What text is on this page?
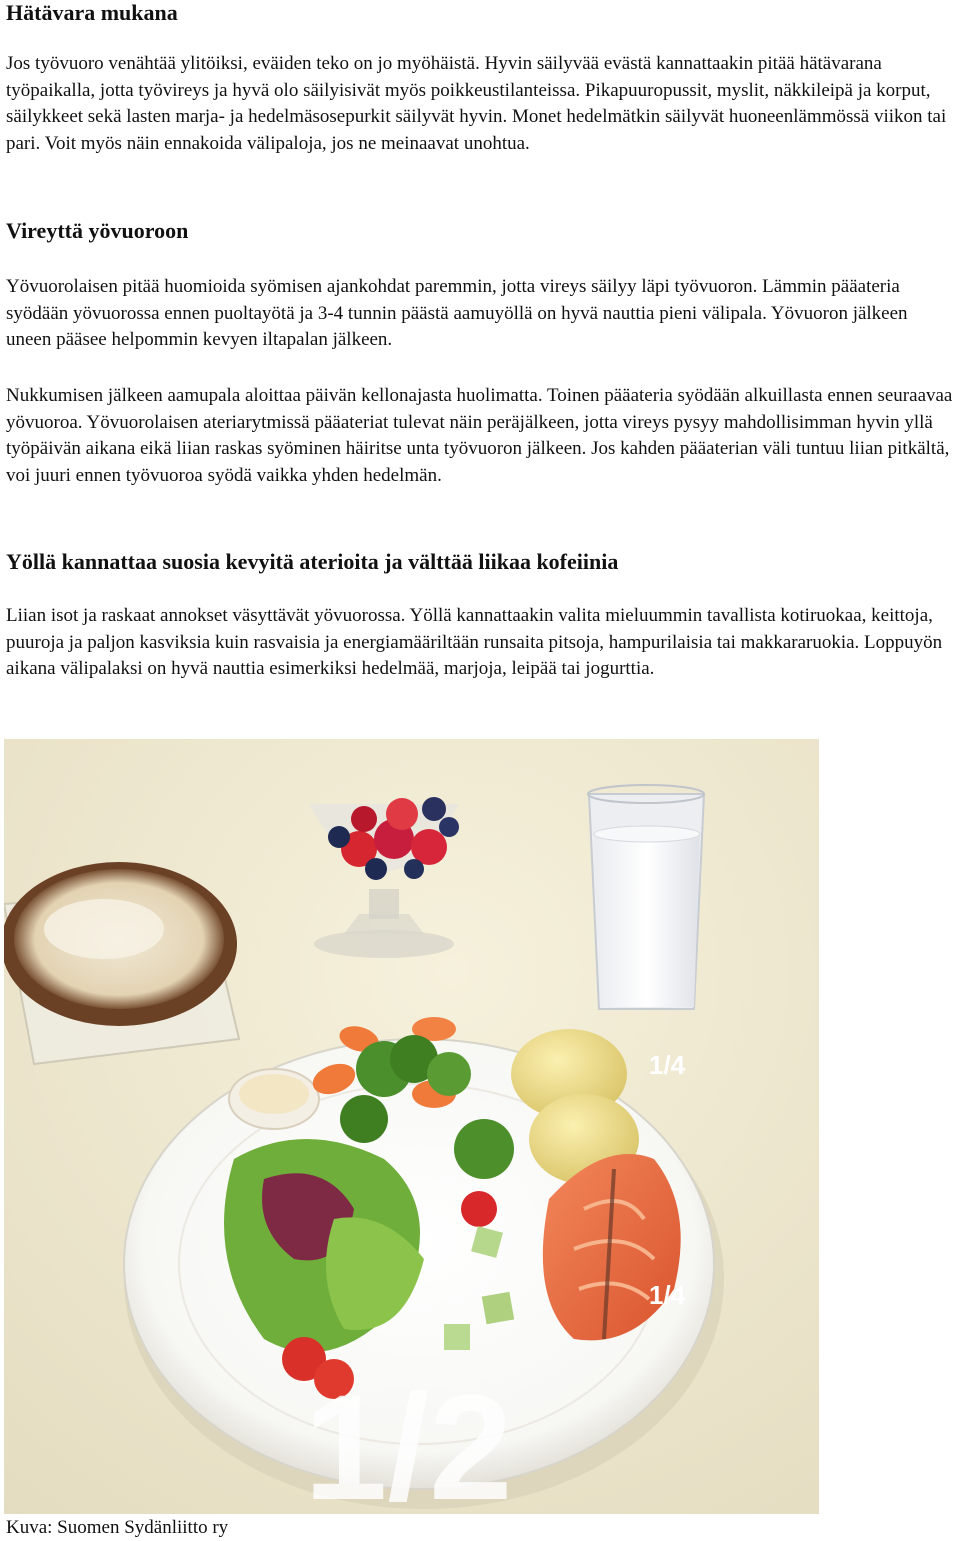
Hätävara mukana

Jos työvuoro venähtää ylitöiksi, eväiden teko on jo myöhäistä. Hyvin säilyvää evästä kannattaakin pitää hätävarana työpaikalla, jotta työvireys ja hyvä olo säilyisivät myös poikkeustilanteissa. Pikapuuropussit, myslit, näkkileipä ja korput, säilykkeet sekä lasten marja- ja hedelmäsosepurkit säilyvät hyvin. Monet hedelmätkin säilyvät huoneenlämmössä viikon tai pari. Voit myös näin ennakoida välipaloja, jos ne meinaavat unohtua.

Vireyttä yövuoroon

Yövuorolaisen pitää huomioida syömisen ajankohdat paremmin, jotta vireys säilyy läpi työvuoron. Lämmin pääateria syödään yövuorossa ennen puoltayötä ja 3-4 tunnin päästä aamuyöllä on hyvä nauttia pieni välipala. Yövuoron jälkeen uneen pääsee helpommin kevyen iltapalan jälkeen.

Nukkumisen jälkeen aamupala aloittaa päivän kellonajasta huolimatta. Toinen pääateria syödään alkuillasta ennen seuraavaa yövuoroa. Yövuorolaisen ateriarytmissä pääateriat tulevat näin peräjälkeen, jotta vireys pysyy mahdollisimman hyvin yllä työpäivän aikana eikä liian raskas syöminen häiritse unta työvuoron jälkeen. Jos kahden pääaterian väli tuntuu liian pitkältä, voi juuri ennen työvuoroa syödä vaikka yhden hedelmän.

Yöllä kannattaa suosia kevyitä aterioita ja välttää liikaa kofeiinia

Liian isot ja raskaat annokset väsyttävät yövuorossa. Yöllä kannattaakin valita mieluummin tavallista kotiruokaa, keittoja, puuroja ja paljon kasviksia kuin rasvaisia ja energiamääriltään runsaita pitsoja, hampurilaisia tai makkararuokia. Loppuyön aikana välipalaksi on hyvä nauttia esimerkiksi hedelmää, marjoja, leipää tai jogurttia.

1/2
1/4
1/4
Kuva: Suomen Sydänliitto ry
